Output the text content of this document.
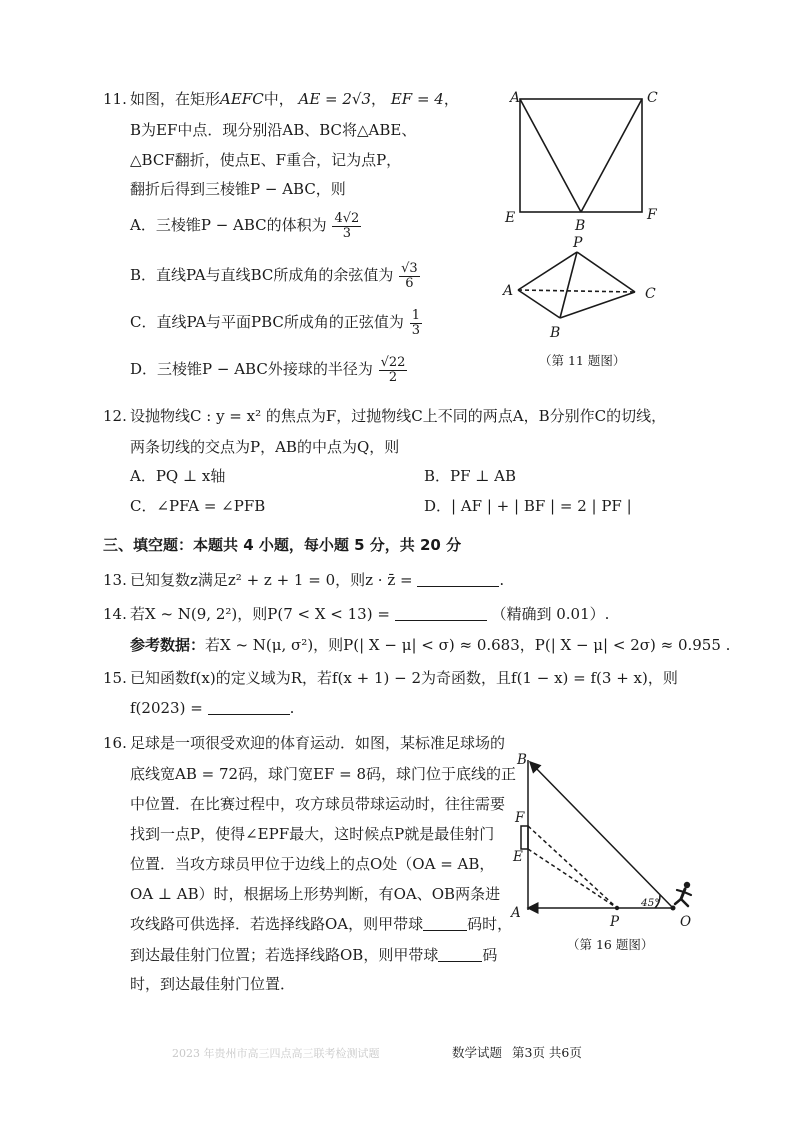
11. 如图，在矩形AEFC中， AE = 2√3， EF = 4，
B为EF中点．现分别沿AB、BC将△ABE、
△BCF翻折，使点E、F重合，记为点P，
翻折后得到三棱锥P − ABC，则
A．三棱锥P − ABC的体积为 $\frac{4√2}{3}$
B．直线PA与直线BC所成角的余弦值为 $\frac{√3}{6}$
C．直线PA与平面PBC所成角的正弦值为 $\frac{1}{3}$
D．三棱锥P − ABC外接球的半径为 $\frac{√22}{2}$
A	C
E	B
F
P
A	C
B
（第 11 题图）
12. 设抛物线C : y = x² 的焦点为F，过抛物线C上不同的两点A，B分别作C的切线，
两条切线的交点为P，AB的中点为Q，则
A．PQ ⊥ x轴	B．PF ⊥ AB
C．∠PFA = ∠PFB	D．| AF | + | BF | = 2 | PF |
三、填空题：本题共 4 小题，每小题 5 分，共 20 分
13. 已知复数z满足z² + z + 1 = 0，则z · z̄ =	.
14. 若X ~ N(9, 2²)，则P(7 < X < 13) =	（精确到 0.01）.
参考数据：若X ~ N(μ, σ²)，则P(| X − μ| < σ) ≈ 0.683，P(| X − μ| < 2σ) ≈ 0.955 .
15. 已知函数f(x)的定义域为R，若f(x + 1) − 2为奇函数，且f(1 − x) = f(3 + x)，则
f(2023) =	.
16. 足球是一项很受欢迎的体育运动．如图，某标准足球场的
底线宽AB = 72码，球门宽EF = 8码，球门位于底线的正
中位置．在比赛过程中，攻方球员带球运动时，往往需要
找到一点P，使得∠EPF最大，这时候点P就是最佳射门
位置．当攻方球员甲位于边线上的点O处（OA = AB，
OA ⊥ AB）时，根据场上形势判断，有OA、OB两条进
攻线路可供选择．若选择线路OA，则甲带球	码时，
到达最佳射门位置；若选择线路OB，则甲带球	码
时，到达最佳射门位置．
B
F
E
A
P	O
45°
（第 16 题图）
2023 年贵州市高三四点高三联考检测试题	数学试题 第3页 共6页
